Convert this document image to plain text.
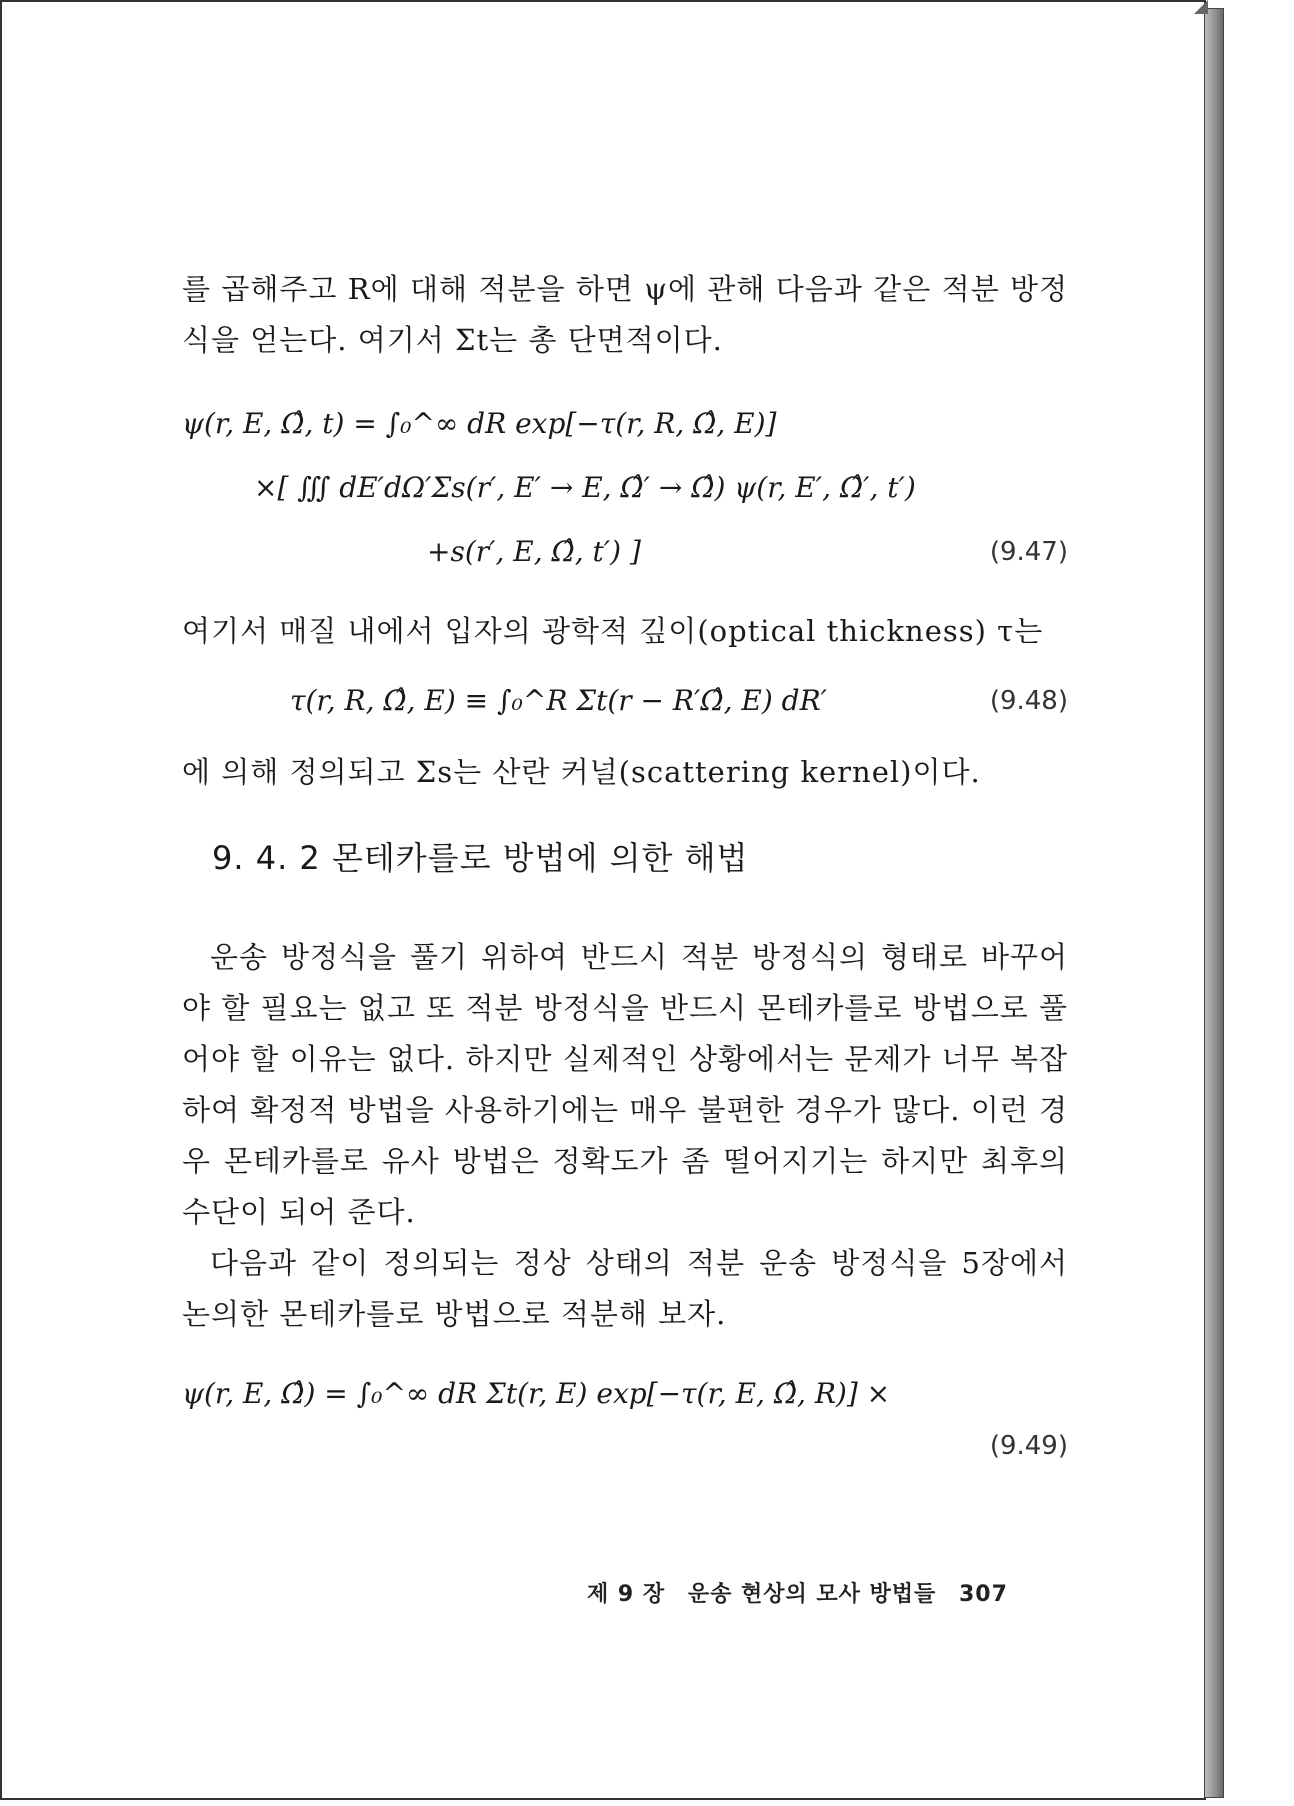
를 곱해주고 R에 대해 적분을 하면 ψ에 관해 다음과 같은 적분 방정식을 얻는다. 여기서 Σt는 총 단면적이다.

ψ(r, E, Ω̂, t) = ∫₀^∞ dR exp[−τ(r, R, Ω̂, E)]
×[ ∭ dE′dΩ′Σs(r′, E′ → E, Ω̂′ → Ω̂) ψ(r, E′, Ω̂′, t′)
+s(r′, E, Ω̂, t′) ]	(9.47)

여기서 매질 내에서 입자의 광학적 깊이(optical thickness) τ는

τ(r, R, Ω̂, E) ≡ ∫₀^R Σt(r − R′Ω̂, E) dR′	(9.48)

에 의해 정의되고 Σs는 산란 커널(scattering kernel)이다.

9. 4. 2 몬테카를로 방법에 의한 해법

운송 방정식을 풀기 위하여 반드시 적분 방정식의 형태로 바꾸어야 할 필요는 없고 또 적분 방정식을 반드시 몬테카를로 방법으로 풀어야 할 이유는 없다. 하지만 실제적인 상황에서는 문제가 너무 복잡하여 확정적 방법을 사용하기에는 매우 불편한 경우가 많다. 이런 경우 몬테카를로 유사 방법은 정확도가 좀 떨어지기는 하지만 최후의 수단이 되어 준다.

다음과 같이 정의되는 정상 상태의 적분 운송 방정식을 5장에서 논의한 몬테카를로 방법으로 적분해 보자.

ψ(r, E, Ω̂) = ∫₀^∞ dR Σt(r, E) exp[−τ(r, E, Ω̂, R)] ×
(9.49)
제 9 장 운송 현상의 모사 방법들 307
